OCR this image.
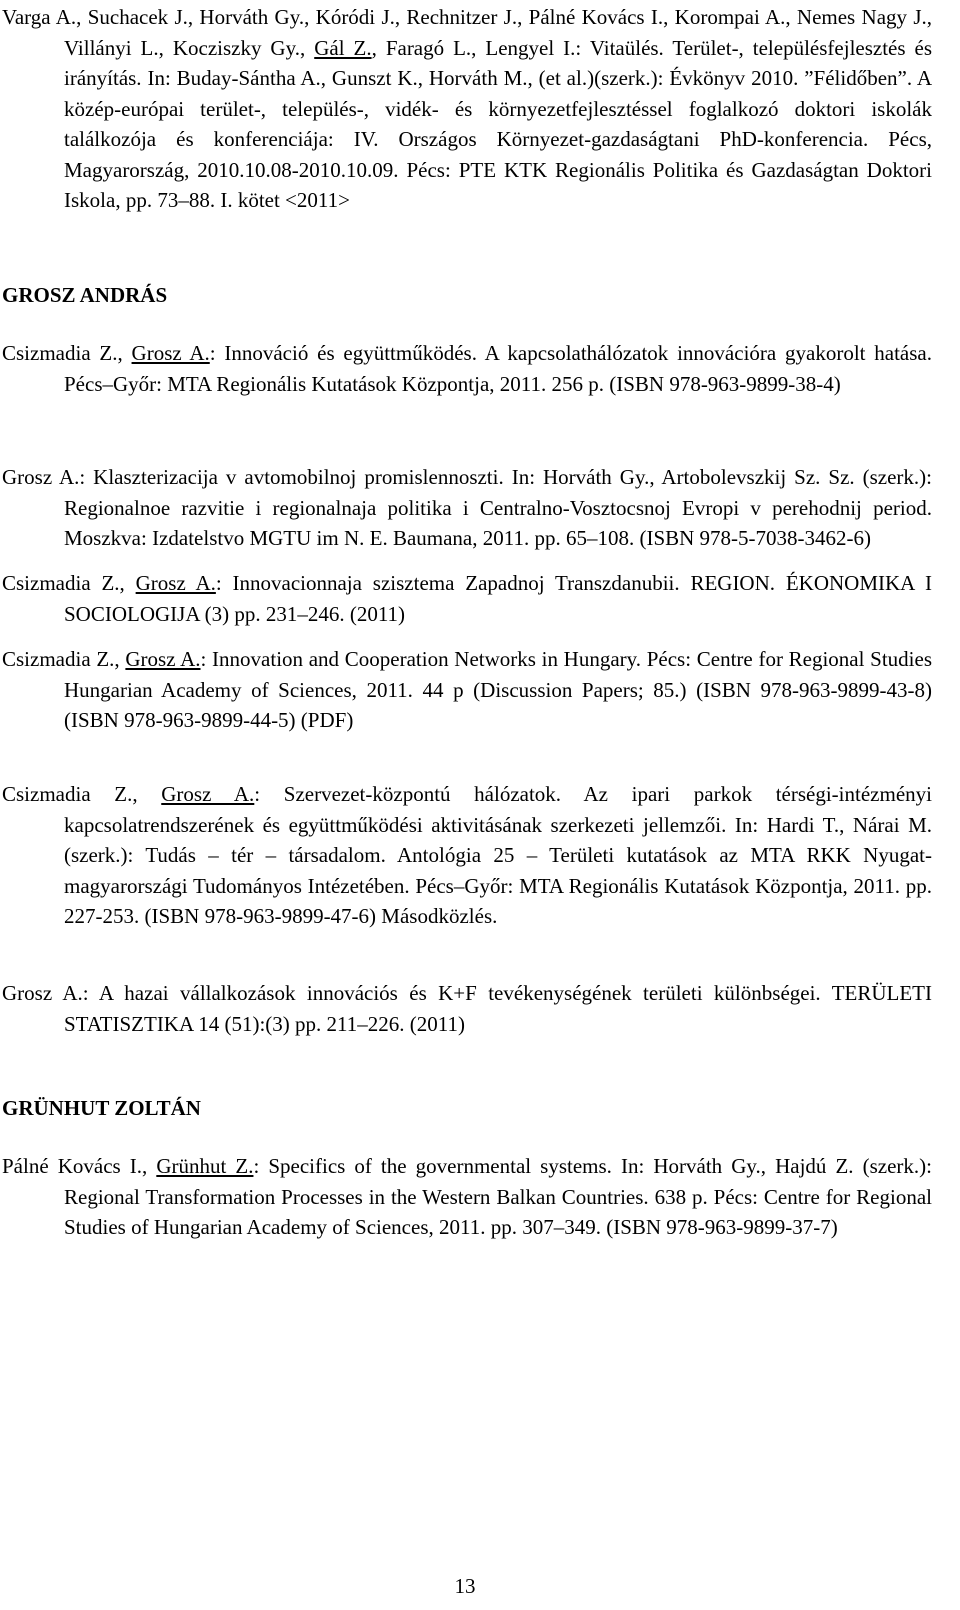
Varga A., Suchacek J., Horváth Gy., Kóródi J., Rechnitzer J., Pálné Kovács I., Korompai A., Nemes Nagy J., Villányi L., Kocziszky Gy., Gál Z., Faragó L., Lengyel I.: Vitaülés. Terület-, településfejlesztés és irányítás. In: Buday-Sántha A., Gunszt K., Horváth M., (et al.)(szerk.): Évkönyv 2010. ”Félidőben”. A közép-európai terület-, település-, vidék- és környezetfejlesztéssel foglalkozó doktori iskolák találkozója és konferenciája: IV. Országos Környezet-gazdaságtani PhD-konferencia. Pécs, Magyarország, 2010.10.08-2010.10.09. Pécs: PTE KTK Regionális Politika és Gazdaságtan Doktori Iskola, pp. 73‒88. I. kötet <2011>

GROSZ ANDRÁS

Csizmadia Z., Grosz A.: Innováció és együttműködés. A kapcsolathálózatok innovációra gyakorolt hatása. Pécs‒Győr: MTA Regionális Kutatások Központja, 2011. 256 p. (ISBN 978-963-9899-38-4)

Grosz A.: Klaszterizacija v avtomobilnoj promislennoszti. In: Horváth Gy., Artobolevszkij Sz. Sz. (szerk.): Regionalnoe razvitie i regionalnaja politika i Centralno-Vosztocsnoj Evropi v perehodnij period. Moszkva: Izdatelstvo MGTU im N. E. Baumana, 2011. pp. 65‒108. (ISBN 978-5-7038-3462-6)

Csizmadia Z., Grosz A.: Innovacionnaja szisztema Zapadnoj Transzdanubii. REGION. ÉKONOMIKA I SOCIOLOGIJA (3) pp. 231‒246. (2011)

Csizmadia Z., Grosz A.: Innovation and Cooperation Networks in Hungary. Pécs: Centre for Regional Studies Hungarian Academy of Sciences, 2011. 44 p (Discussion Papers; 85.) (ISBN 978-963-9899-43-8) (ISBN 978-963-9899-44-5) (PDF)

Csizmadia Z., Grosz A.: Szervezet-központú hálózatok. Az ipari parkok térségi-intézményi kapcsolatrendszerének és együttműködési aktivitásának szerkezeti jellemzői. In: Hardi T., Nárai M. (szerk.): Tudás ‒ tér ‒ társadalom. Antológia 25 ‒ Területi kutatások az MTA RKK Nyugat-magyarországi Tudományos Intézetében. Pécs‒Győr: MTA Regionális Kutatások Központja, 2011. pp. 227-253. (ISBN 978-963-9899-47-6) Másodközlés.

Grosz A.: A hazai vállalkozások innovációs és K+F tevékenységének területi különbségei. TERÜLETI STATISZTIKA 14 (51):(3) pp. 211‒226. (2011)

GRÜNHUT ZOLTÁN

Pálné Kovács I., Grünhut Z.: Specifics of the governmental systems. In: Horváth Gy., Hajdú Z. (szerk.): Regional Transformation Processes in the Western Balkan Countries. 638 p. Pécs: Centre for Regional Studies of Hungarian Academy of Sciences, 2011. pp. 307‒349. (ISBN 978-963-9899-37-7)

13
